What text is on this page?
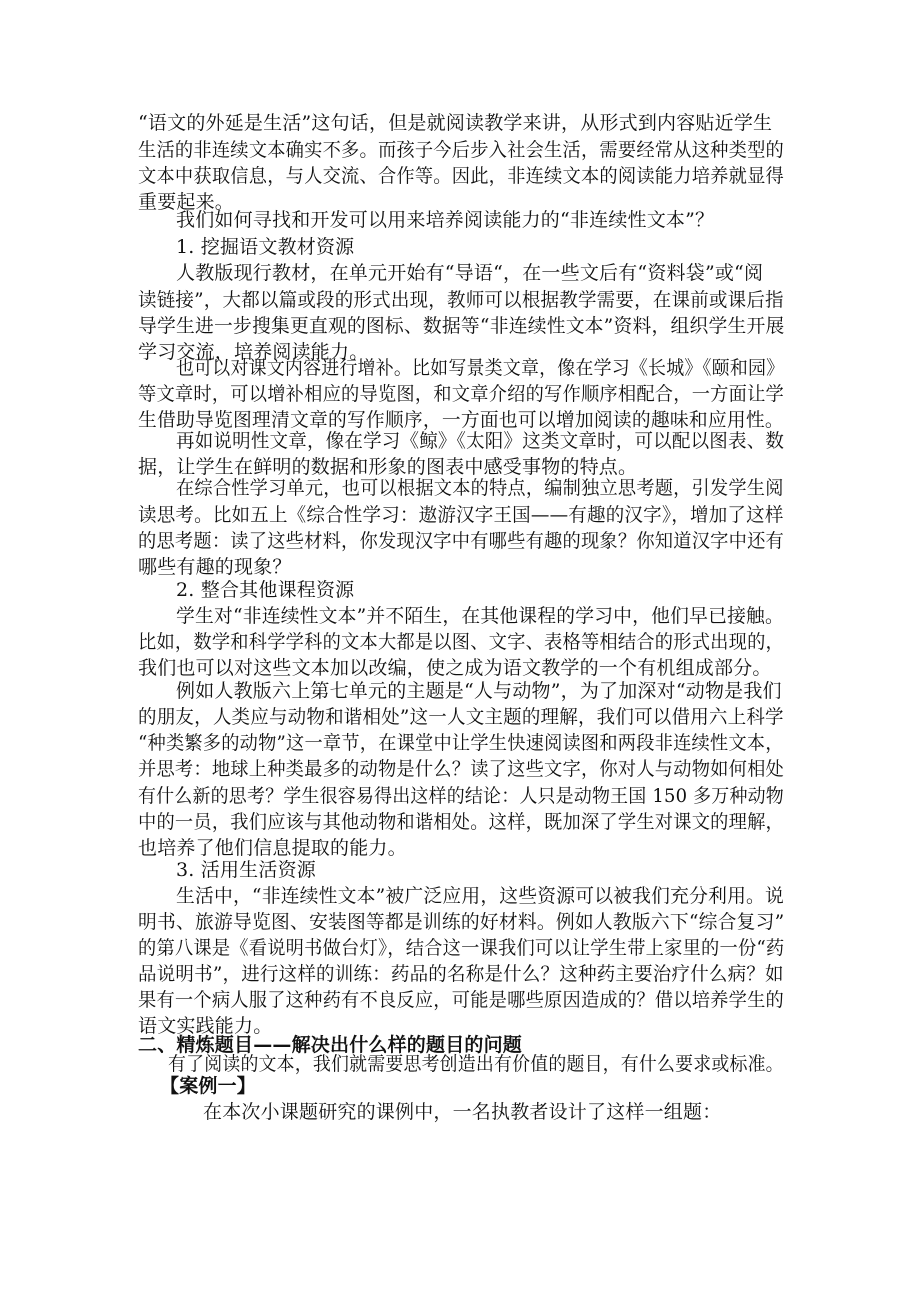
“语文的外延是生活”这句话，但是就阅读教学来讲，从形式到内容贴近学生
生活的非连续文本确实不多。而孩子今后步入社会生活，需要经常从这种类型的
文本中获取信息，与人交流、合作等。因此，非连续文本的阅读能力培养就显得
重要起来。
我们如何寻找和开发可以用来培养阅读能力的“非连续性文本”？
1. 挖掘语文教材资源
人教版现行教材，在单元开始有“导语“，在一些文后有“资料袋”或“阅
读链接”，大都以篇或段的形式出现，教师可以根据教学需要，在课前或课后指
导学生进一步搜集更直观的图标、数据等“非连续性文本”资料，组织学生开展
学习交流，培养阅读能力。
也可以对课文内容进行增补。比如写景类文章，像在学习《长城》《颐和园》
等文章时，可以增补相应的导览图，和文章介绍的写作顺序相配合，一方面让学
生借助导览图理清文章的写作顺序，一方面也可以增加阅读的趣味和应用性。
再如说明性文章，像在学习《鲸》《太阳》这类文章时，可以配以图表、数
据，让学生在鲜明的数据和形象的图表中感受事物的特点。
在综合性学习单元，也可以根据文本的特点，编制独立思考题，引发学生阅
读思考。比如五上《综合性学习：遨游汉字王国——有趣的汉字》，增加了这样
的思考题：读了这些材料，你发现汉字中有哪些有趣的现象？你知道汉字中还有
哪些有趣的现象？
2. 整合其他课程资源
学生对“非连续性文本”并不陌生，在其他课程的学习中，他们早已接触。
比如，数学和科学学科的文本大都是以图、文字、表格等相结合的形式出现的，
我们也可以对这些文本加以改编，使之成为语文教学的一个有机组成部分。
例如人教版六上第七单元的主题是“人与动物”，为了加深对“动物是我们
的朋友，人类应与动物和谐相处”这一人文主题的理解，我们可以借用六上科学
“种类繁多的动物”这一章节，在课堂中让学生快速阅读图和两段非连续性文本，
并思考：地球上种类最多的动物是什么？读了这些文字，你对人与动物如何相处
有什么新的思考？学生很容易得出这样的结论：人只是动物王国 150 多万种动物
中的一员，我们应该与其他动物和谐相处。这样，既加深了学生对课文的理解，
也培养了他们信息提取的能力。
3. 活用生活资源
生活中，“非连续性文本”被广泛应用，这些资源可以被我们充分利用。说
明书、旅游导览图、安装图等都是训练的好材料。例如人教版六下“综合复习”
的第八课是《看说明书做台灯》，结合这一课我们可以让学生带上家里的一份“药
品说明书”，进行这样的训练：药品的名称是什么？这种药主要治疗什么病？如
果有一个病人服了这种药有不良反应，可能是哪些原因造成的？借以培养学生的
语文实践能力。
二、精炼题目——解决出什么样的题目的问题
有了阅读的文本，我们就需要思考创造出有价值的题目，有什么要求或标准。
【案例一】
在本次小课题研究的课例中，一名执教者设计了这样一组题：
